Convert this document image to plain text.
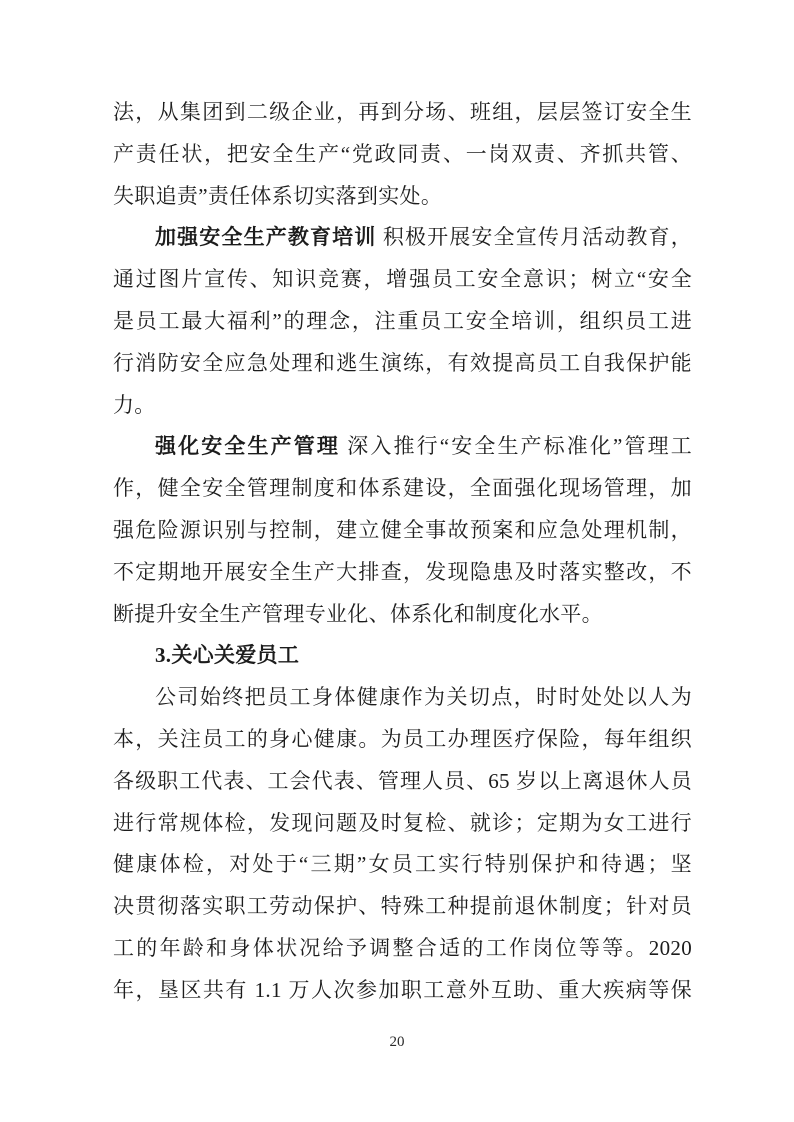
法，从集团到二级企业，再到分场、班组，层层签订安全生
产责任状，把安全生产“党政同责、一岗双责、齐抓共管、
失职追责”责任体系切实落到实处。
加强安全生产教育培训 积极开展安全宣传月活动教育，
通过图片宣传、知识竞赛，增强员工安全意识；树立“安全
是员工最大福利”的理念，注重员工安全培训，组织员工进
行消防安全应急处理和逃生演练，有效提高员工自我保护能
力。
强化安全生产管理 深入推行“安全生产标准化”管理工
作，健全安全管理制度和体系建设，全面强化现场管理，加
强危险源识别与控制，建立健全事故预案和应急处理机制，
不定期地开展安全生产大排查，发现隐患及时落实整改，不
断提升安全生产管理专业化、体系化和制度化水平。
3.关心关爱员工
公司始终把员工身体健康作为关切点，时时处处以人为
本，关注员工的身心健康。为员工办理医疗保险，每年组织
各级职工代表、工会代表、管理人员、65 岁以上离退休人员
进行常规体检，发现问题及时复检、就诊；定期为女工进行
健康体检，对处于“三期”女员工实行特别保护和待遇；坚
决贯彻落实职工劳动保护、特殊工种提前退休制度；针对员
工的年龄和身体状况给予调整合适的工作岗位等等。2020
年，垦区共有 1.1 万人次参加职工意外互助、重大疾病等保
20
